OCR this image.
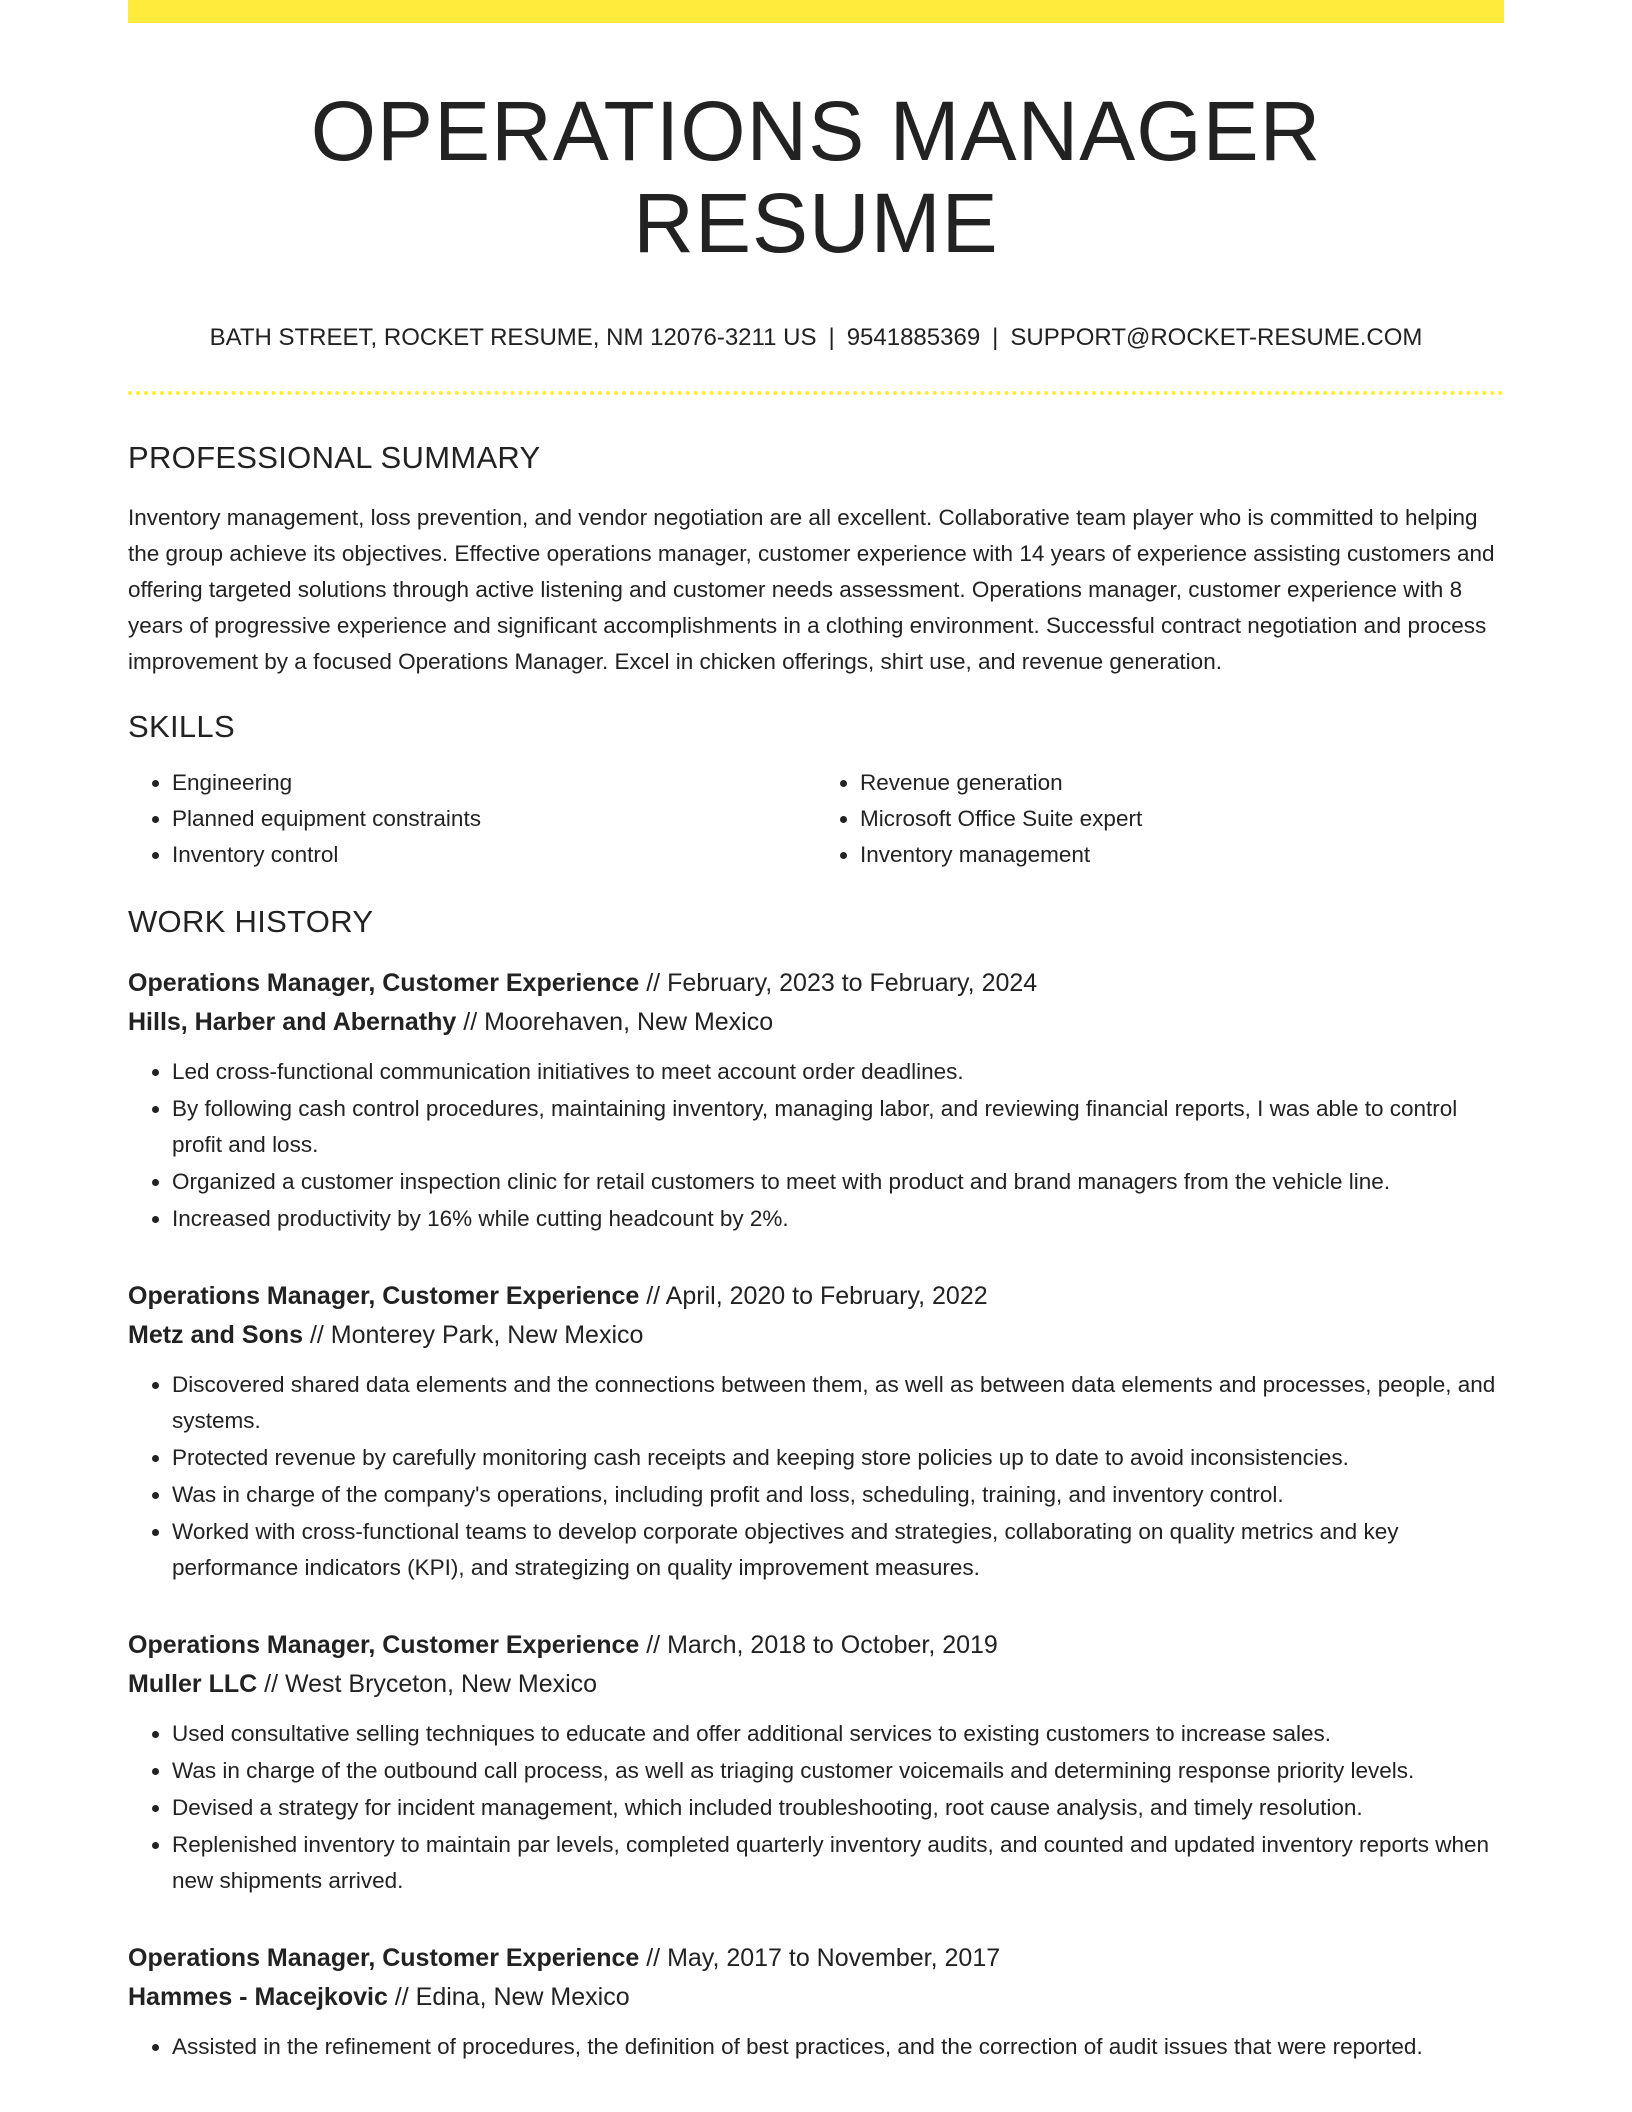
OPERATIONS MANAGER RESUME
BATH STREET, ROCKET RESUME, NM 12076-3211 US | 9541885369 | SUPPORT@ROCKET-RESUME.COM
PROFESSIONAL SUMMARY

Inventory management, loss prevention, and vendor negotiation are all excellent. Collaborative team player who is committed to helping the group achieve its objectives. Effective operations manager, customer experience with 14 years of experience assisting customers and offering targeted solutions through active listening and customer needs assessment. Operations manager, customer experience with 8 years of progressive experience and significant accomplishments in a clothing environment. Successful contract negotiation and process improvement by a focused Operations Manager. Excel in chicken offerings, shirt use, and revenue generation.

SKILLS
• Engineering
• Planned equipment constraints
• Inventory control
• Revenue generation
• Microsoft Office Suite expert
• Inventory management
WORK HISTORY
Operations Manager, Customer Experience // February, 2023 to February, 2024
Hills, Harber and Abernathy // Moorehaven, New Mexico
• Led cross-functional communication initiatives to meet account order deadlines.
• By following cash control procedures, maintaining inventory, managing labor, and reviewing financial reports, I was able to control profit and loss.
• Organized a customer inspection clinic for retail customers to meet with product and brand managers from the vehicle line.
• Increased productivity by 16% while cutting headcount by 2%.
Operations Manager, Customer Experience // April, 2020 to February, 2022
Metz and Sons // Monterey Park, New Mexico
• Discovered shared data elements and the connections between them, as well as between data elements and processes, people, and systems.
• Protected revenue by carefully monitoring cash receipts and keeping store policies up to date to avoid inconsistencies.
• Was in charge of the company's operations, including profit and loss, scheduling, training, and inventory control.
• Worked with cross-functional teams to develop corporate objectives and strategies, collaborating on quality metrics and key performance indicators (KPI), and strategizing on quality improvement measures.
Operations Manager, Customer Experience // March, 2018 to October, 2019
Muller LLC // West Bryceton, New Mexico
• Used consultative selling techniques to educate and offer additional services to existing customers to increase sales.
• Was in charge of the outbound call process, as well as triaging customer voicemails and determining response priority levels.
• Devised a strategy for incident management, which included troubleshooting, root cause analysis, and timely resolution.
• Replenished inventory to maintain par levels, completed quarterly inventory audits, and counted and updated inventory reports when new shipments arrived.
Operations Manager, Customer Experience // May, 2017 to November, 2017
Hammes - Macejkovic // Edina, New Mexico
• Assisted in the refinement of procedures, the definition of best practices, and the correction of audit issues that were reported.
